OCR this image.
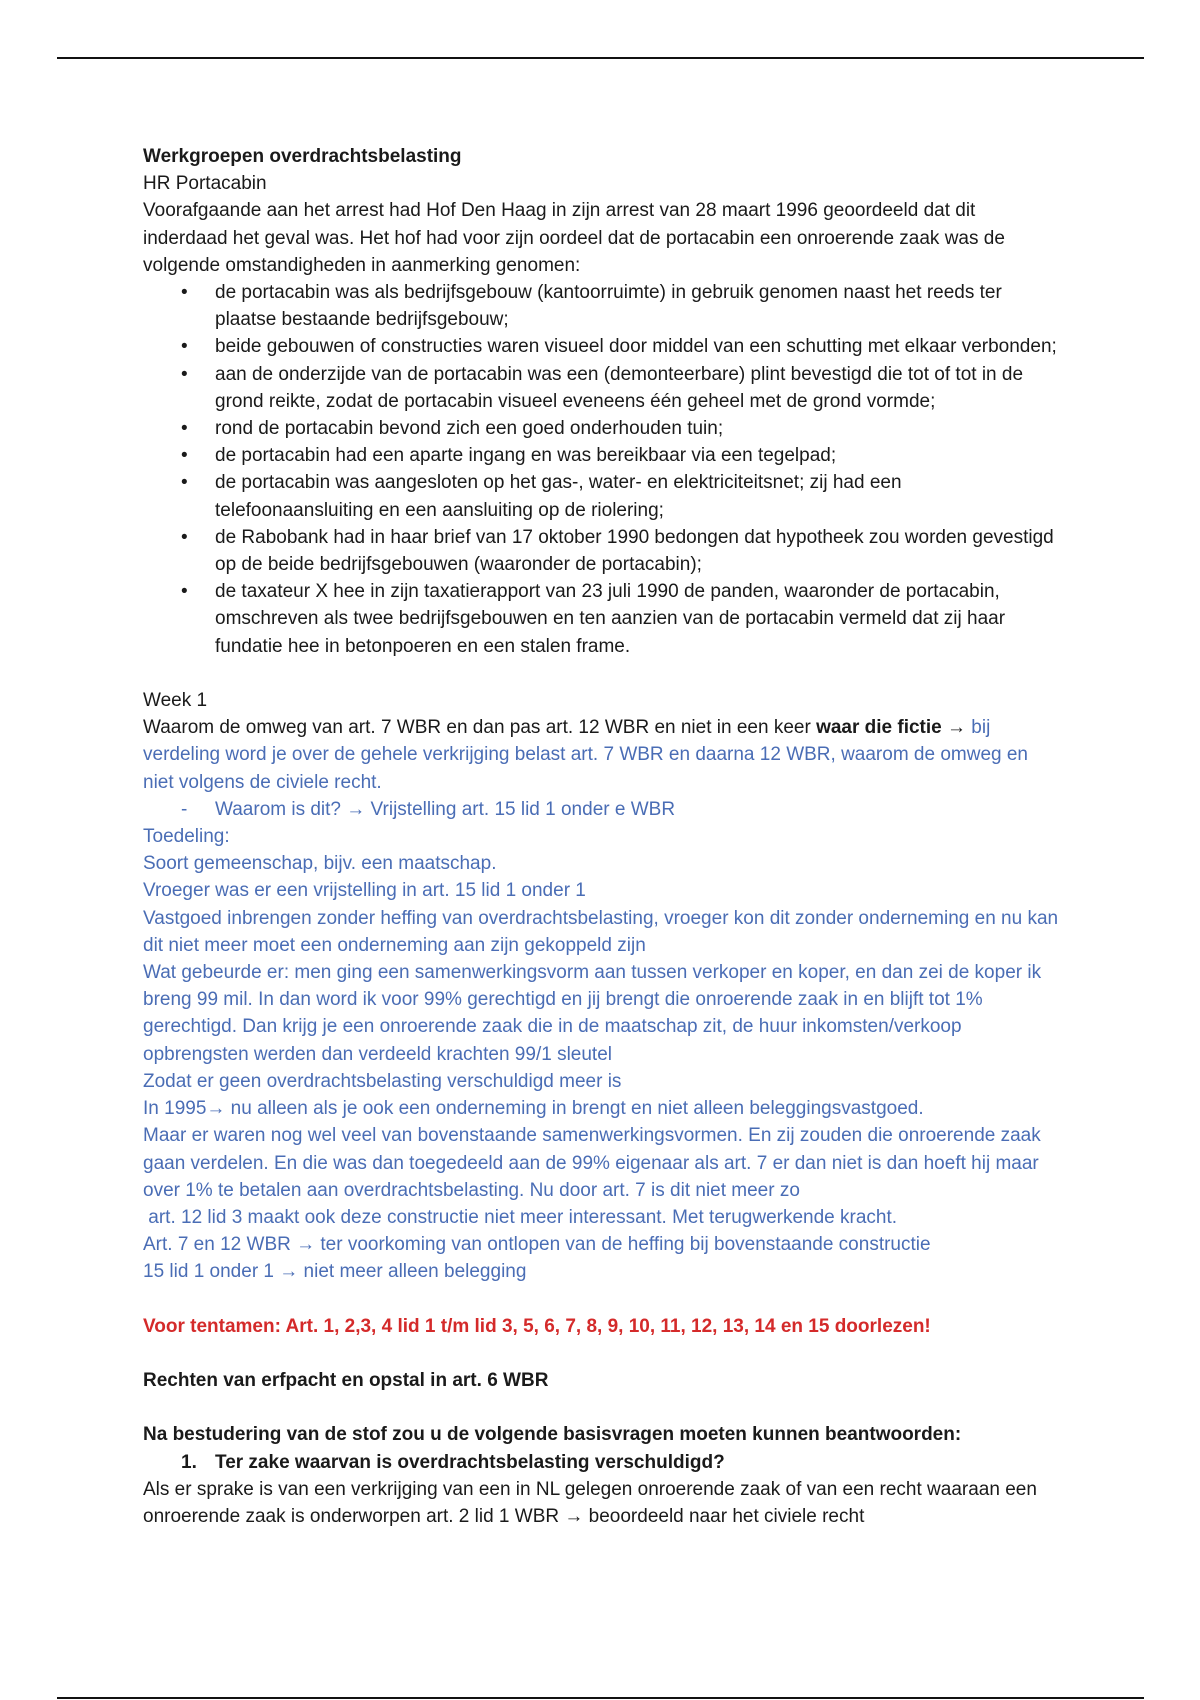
Werkgroepen overdrachtsbelasting

HR Portacabin

Voorafgaande aan het arrest had Hof Den Haag in zijn arrest van 28 maart 1996 geoordeeld dat dit inderdaad het geval was. Het hof had voor zijn oordeel dat de portacabin een onroerende zaak was de volgende omstandigheden in aanmerking genomen:

• de portacabin was als bedrijfsgebouw (kantoorruimte) in gebruik genomen naast het reeds ter plaatse bestaande bedrijfsgebouw;
• beide gebouwen of constructies waren visueel door middel van een schutting met elkaar verbonden;
• aan de onderzijde van de portacabin was een (demonteerbare) plint bevestigd die tot of tot in de grond reikte, zodat de portacabin visueel eveneens één geheel met de grond vormde;
• rond de portacabin bevond zich een goed onderhouden tuin;
• de portacabin had een aparte ingang en was bereikbaar via een tegelpad;
• de portacabin was aangesloten op het gas-, water- en elektriciteitsnet; zij had een telefoonaansluiting en een aansluiting op de riolering;
• de Rabobank had in haar brief van 17 oktober 1990 bedongen dat hypotheek zou worden gevestigd op de beide bedrijfsgebouwen (waaronder de portacabin);
• de taxateur X hee in zijn taxatierapport van 23 juli 1990 de panden, waaronder de portacabin, omschreven als twee bedrijfsgebouwen en ten aanzien van de portacabin vermeld dat zij haar fundatie hee in betonpoeren en een stalen frame.

Week 1

Waarom de omweg van art. 7 WBR en dan pas art. 12 WBR en niet in een keer waar die fictie → bij verdeling word je over de gehele verkrijging belast art. 7 WBR en daarna 12 WBR, waarom de omweg en niet volgens de civiele recht.

- Waarom is dit? → Vrijstelling art. 15 lid 1 onder e WBR

Toedeling:

Soort gemeenschap, bijv. een maatschap.

Vroeger was er een vrijstelling in art. 15 lid 1 onder 1

Vastgoed inbrengen zonder heffing van overdrachtsbelasting, vroeger kon dit zonder onderneming en nu kan dit niet meer moet een onderneming aan zijn gekoppeld zijn

Wat gebeurde er: men ging een samenwerkingsvorm aan tussen verkoper en koper, en dan zei de koper ik breng 99 mil. In dan word ik voor 99% gerechtigd en jij brengt die onroerende zaak in en blijft tot 1% gerechtigd. Dan krijg je een onroerende zaak die in de maatschap zit, de huur inkomsten/verkoop opbrengsten werden dan verdeeld krachten 99/1 sleutel

Zodat er geen overdrachtsbelasting verschuldigd meer is

In 1995→ nu alleen als je ook een onderneming in brengt en niet alleen beleggingsvastgoed.

Maar er waren nog wel veel van bovenstaande samenwerkingsvormen. En zij zouden die onroerende zaak gaan verdelen. En die was dan toegedeeld aan de 99% eigenaar als art. 7 er dan niet is dan hoeft hij maar over 1% te betalen aan overdrachtsbelasting. Nu door art. 7 is dit niet meer zo

art. 12 lid 3 maakt ook deze constructie niet meer interessant. Met terugwerkende kracht.

Art. 7 en 12 WBR → ter voorkoming van ontlopen van de heffing bij bovenstaande constructie

15 lid 1 onder 1 → niet meer alleen belegging

Voor tentamen: Art. 1, 2,3, 4 lid 1 t/m lid 3, 5, 6, 7, 8, 9, 10, 11, 12, 13, 14 en 15 doorlezen!

Rechten van erfpacht en opstal in art. 6 WBR

Na bestudering van de stof zou u de volgende basisvragen moeten kunnen beantwoorden:

1. Ter zake waarvan is overdrachtsbelasting verschuldigd?

Als er sprake is van een verkrijging van een in NL gelegen onroerende zaak of van een recht waaraan een onroerende zaak is onderworpen art. 2 lid 1 WBR → beoordeeld naar het civiele recht
